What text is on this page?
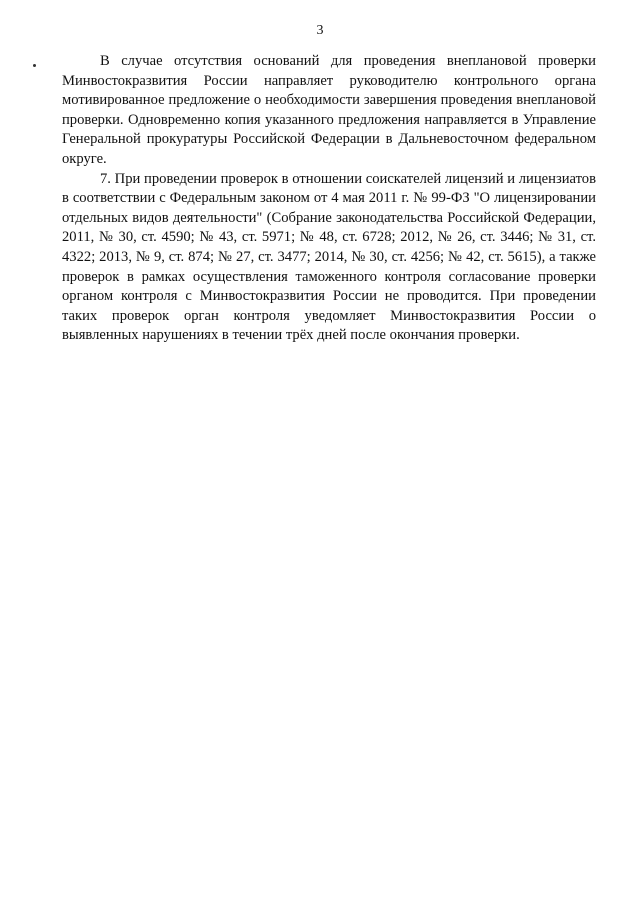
3

В случае отсутствия оснований для проведения внеплановой проверки Минвостокразвития России направляет руководителю контрольного органа мотивированное предложение о необходимости завершения проведения внеплановой проверки. Одновременно копия указанного предложения направляется в Управление Генеральной прокуратуры Российской Федерации в Дальневосточном федеральном округе.

7. При проведении проверок в отношении соискателей лицензий и лицензиатов в соответствии с Федеральным законом от 4 мая 2011 г. № 99-ФЗ "О лицензировании отдельных видов деятельности" (Собрание законодательства Российской Федерации, 2011, № 30, ст. 4590; № 43, ст. 5971; № 48, ст. 6728; 2012, № 26, ст. 3446; № 31, ст. 4322; 2013, № 9, ст. 874; № 27, ст. 3477; 2014, № 30, ст. 4256; № 42, ст. 5615), а также проверок в рамках осуществления таможенного контроля согласование проверки органом контроля с Минвостокразвития России не проводится. При проведении таких проверок орган контроля уведомляет Минвостокразвития России о выявленных нарушениях в течении трёх дней после окончания проверки.
